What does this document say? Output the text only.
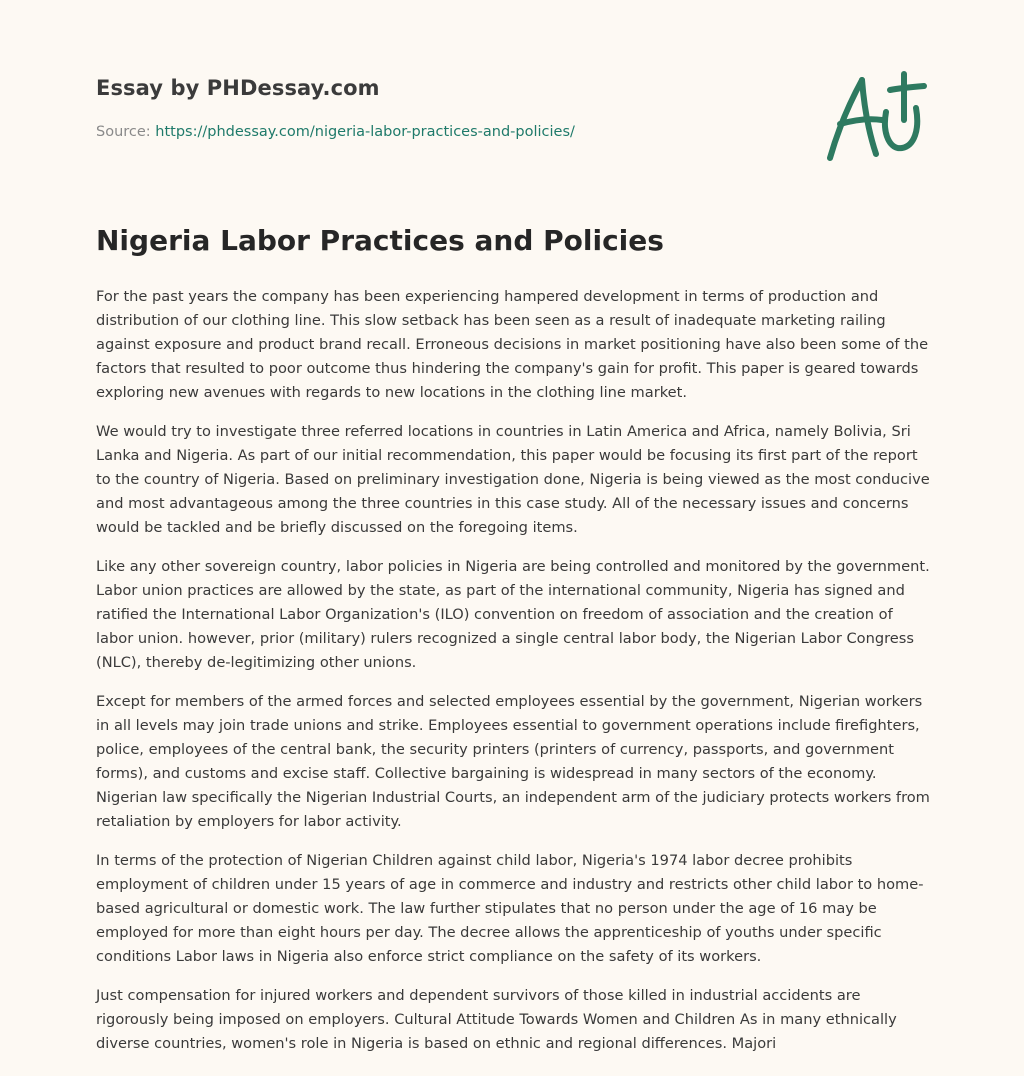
Essay by PHDessay.com
Source: https://phdessay.com/nigeria-labor-practices-and-policies/
Nigeria Labor Practices and Policies

For the past years the company has been experiencing hampered development in terms of production and distribution of our clothing line. This slow setback has been seen as a result of inadequate marketing railing against exposure and product brand recall. Erroneous decisions in market positioning have also been some of the factors that resulted to poor outcome thus hindering the company's gain for profit. This paper is geared towards exploring new avenues with regards to new locations in the clothing line market.

We would try to investigate three referred locations in countries in Latin America and Africa, namely Bolivia, Sri Lanka and Nigeria. As part of our initial recommendation, this paper would be focusing its first part of the report to the country of Nigeria. Based on preliminary investigation done, Nigeria is being viewed as the most conducive and most advantageous among the three countries in this case study. All of the necessary issues and concerns would be tackled and be briefly discussed on the foregoing items.

Like any other sovereign country, labor policies in Nigeria are being controlled and monitored by the government. Labor union practices are allowed by the state, as part of the international community, Nigeria has signed and ratified the International Labor Organization's (ILO) convention on freedom of association and the creation of labor union. however, prior (military) rulers recognized a single central labor body, the Nigerian Labor Congress (NLC), thereby de-legitimizing other unions.

Except for members of the armed forces and selected employees essential by the government, Nigerian workers in all levels may join trade unions and strike. Employees essential to government operations include firefighters, police, employees of the central bank, the security printers (printers of currency, passports, and government forms), and customs and excise staff. Collective bargaining is widespread in many sectors of the economy. Nigerian law specifically the Nigerian Industrial Courts, an independent arm of the judiciary protects workers from retaliation by employers for labor activity.

In terms of the protection of Nigerian Children against child labor, Nigeria's 1974 labor decree prohibits employment of children under 15 years of age in commerce and industry and restricts other child labor to home-based agricultural or domestic work. The law further stipulates that no person under the age of 16 may be employed for more than eight hours per day. The decree allows the apprenticeship of youths under specific conditions Labor laws in Nigeria also enforce strict compliance on the safety of its workers.

Just compensation for injured workers and dependent survivors of those killed in industrial accidents are rigorously being imposed on employers. Cultural Attitude Towards Women and Children As in many ethnically diverse countries, women's role in Nigeria is based on ethnic and regional differences. Majori
